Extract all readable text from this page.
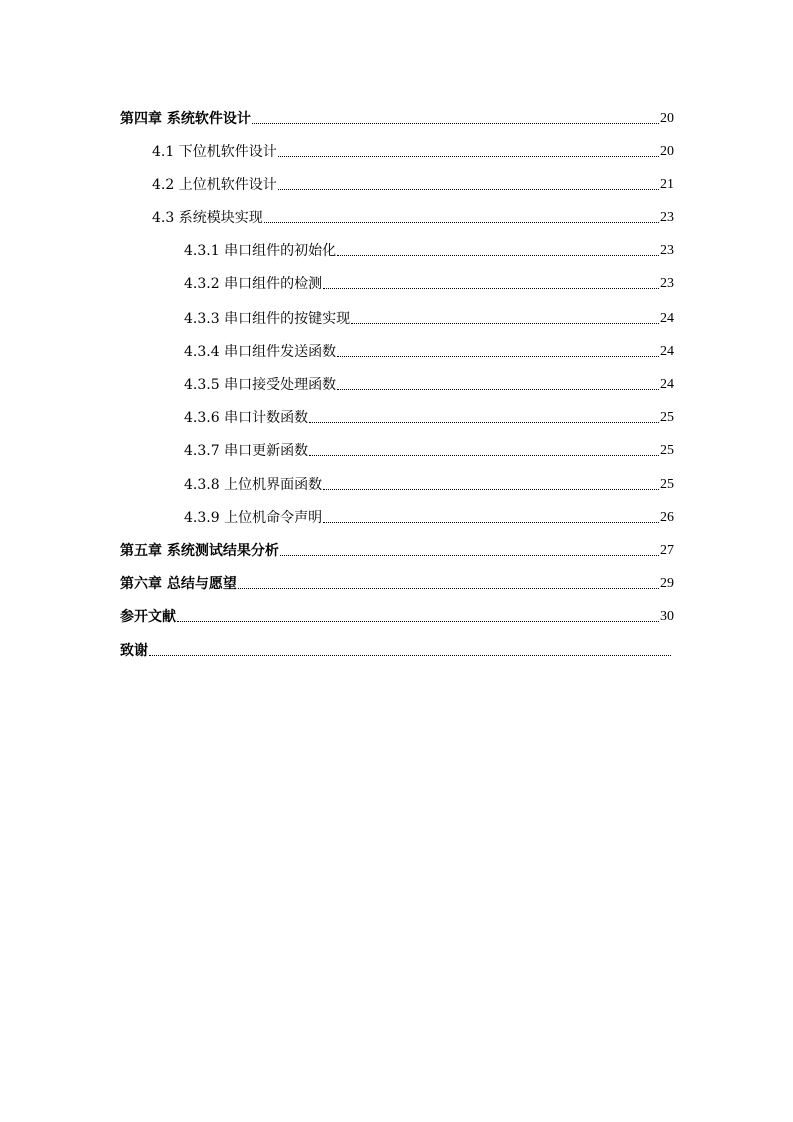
第四章 系统软件设计	20
4.1 下位机软件设计	20
4.2 上位机软件设计	21
4.3 系统模块实现	23
4.3.1 串口组件的初始化	23
4.3.2 串口组件的检测	23
4.3.3 串口组件的按键实现	24
4.3.4 串口组件发送函数	24
4.3.5 串口接受处理函数	24
4.3.6 串口计数函数	25
4.3.7 串口更新函数	25
4.3.8 上位机界面函数	25
4.3.9 上位机命令声明	26
第五章 系统测试结果分析	27
第六章 总结与愿望	29
参开文献	30
致谢
